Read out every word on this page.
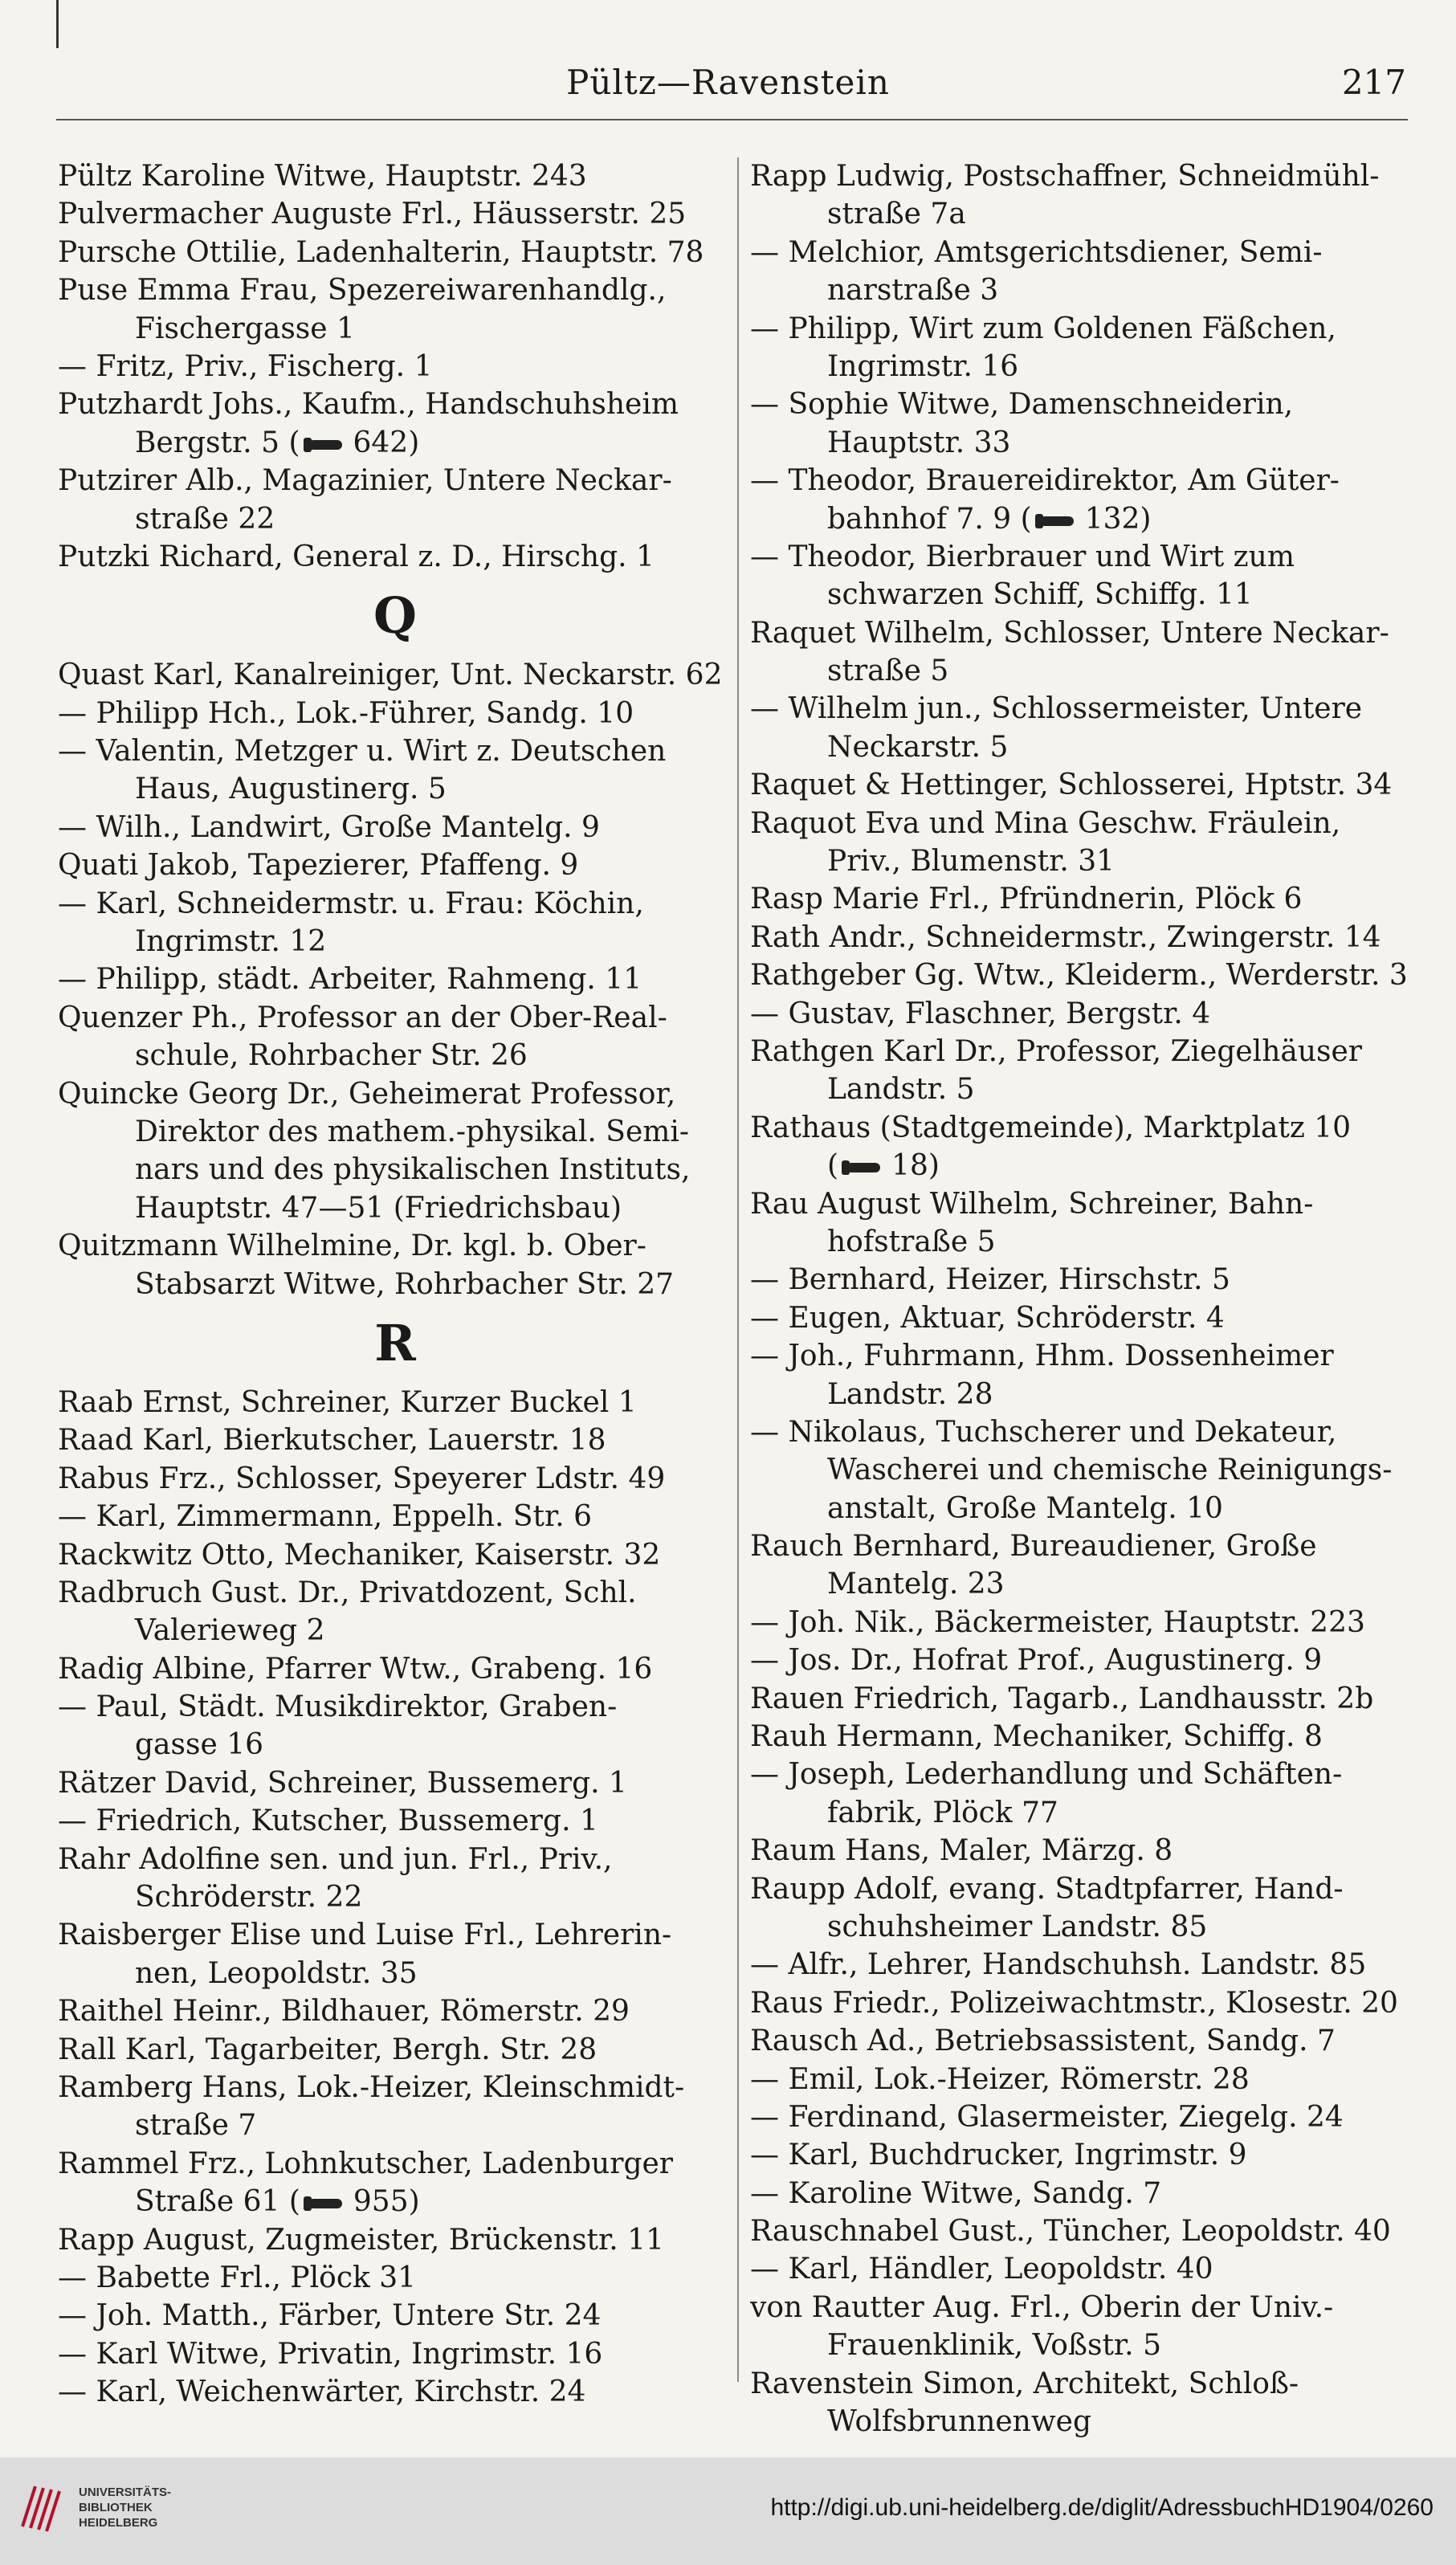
Pültz—Ravenstein	217
Pültz Karoline Witwe, Hauptstr. 243
Pulvermacher Auguste Frl., Häusserstr. 25
Pursche Ottilie, Ladenhalterin, Hauptstr. 78
Puse Emma Frau, Spezereiwarenhandlg.,
Fischergasse 1
— Fritz, Priv., Fischerg. 1
Putzhardt Johs., Kaufm., Handschuhsheim
Bergstr. 5 ( 642)
Putzirer Alb., Magazinier, Untere Neckar-
straße 22
Putzki Richard, General z. D., Hirschg. 1
Q
Quast Karl, Kanalreiniger, Unt. Neckarstr. 62
— Philipp Hch., Lok.-Führer, Sandg. 10
— Valentin, Metzger u. Wirt z. Deutschen
Haus, Augustinerg. 5
— Wilh., Landwirt, Große Mantelg. 9
Quati Jakob, Tapezierer, Pfaffeng. 9
— Karl, Schneidermstr. u. Frau: Köchin,
Ingrimstr. 12
— Philipp, städt. Arbeiter, Rahmeng. 11
Quenzer Ph., Professor an der Ober-Real-
schule, Rohrbacher Str. 26
Quincke Georg Dr., Geheimerat Professor,
Direktor des mathem.-physikal. Semi-
nars und des physikalischen Instituts,
Hauptstr. 47—51 (Friedrichsbau)
Quitzmann Wilhelmine, Dr. kgl. b. Ober-
Stabsarzt Witwe, Rohrbacher Str. 27
R
Raab Ernst, Schreiner, Kurzer Buckel 1
Raad Karl, Bierkutscher, Lauerstr. 18
Rabus Frz., Schlosser, Speyerer Ldstr. 49
— Karl, Zimmermann, Eppelh. Str. 6
Rackwitz Otto, Mechaniker, Kaiserstr. 32
Radbruch Gust. Dr., Privatdozent, Schl.
Valerieweg 2
Radig Albine, Pfarrer Wtw., Grabeng. 16
— Paul, Städt. Musikdirektor, Graben-
gasse 16
Rätzer David, Schreiner, Bussemerg. 1
— Friedrich, Kutscher, Bussemerg. 1
Rahr Adolfine sen. und jun. Frl., Priv.,
Schröderstr. 22
Raisberger Elise und Luise Frl., Lehrerin-
nen, Leopoldstr. 35
Raithel Heinr., Bildhauer, Römerstr. 29
Rall Karl, Tagarbeiter, Bergh. Str. 28
Ramberg Hans, Lok.-Heizer, Kleinschmidt-
straße 7
Rammel Frz., Lohnkutscher, Ladenburger
Straße 61 ( 955)
Rapp August, Zugmeister, Brückenstr. 11
— Babette Frl., Plöck 31
— Joh. Matth., Färber, Untere Str. 24
— Karl Witwe, Privatin, Ingrimstr. 16
— Karl, Weichenwärter, Kirchstr. 24
Rapp Ludwig, Postschaffner, Schneidmühl-
straße 7a
— Melchior, Amtsgerichtsdiener, Semi-
narstraße 3
— Philipp, Wirt zum Goldenen Fäßchen,
Ingrimstr. 16
— Sophie Witwe, Damenschneiderin,
Hauptstr. 33
— Theodor, Brauereidirektor, Am Güter-
bahnhof 7. 9 ( 132)
— Theodor, Bierbrauer und Wirt zum
schwarzen Schiff, Schiffg. 11
Raquet Wilhelm, Schlosser, Untere Neckar-
straße 5
— Wilhelm jun., Schlossermeister, Untere
Neckarstr. 5
Raquet & Hettinger, Schlosserei, Hptstr. 34
Raquot Eva und Mina Geschw. Fräulein,
Priv., Blumenstr. 31
Rasp Marie Frl., Pfründnerin, Plöck 6
Rath Andr., Schneidermstr., Zwingerstr. 14
Rathgeber Gg. Wtw., Kleiderm., Werderstr. 3
— Gustav, Flaschner, Bergstr. 4
Rathgen Karl Dr., Professor, Ziegelhäuser
Landstr. 5
Rathaus (Stadtgemeinde), Marktplatz 10
( 18)
Rau August Wilhelm, Schreiner, Bahn-
hofstraße 5
— Bernhard, Heizer, Hirschstr. 5
— Eugen, Aktuar, Schröderstr. 4
— Joh., Fuhrmann, Hhm. Dossenheimer
Landstr. 28
— Nikolaus, Tuchscherer und Dekateur,
Wascherei und chemische Reinigungs-
anstalt, Große Mantelg. 10
Rauch Bernhard, Bureaudiener, Große
Mantelg. 23
— Joh. Nik., Bäckermeister, Hauptstr. 223
— Jos. Dr., Hofrat Prof., Augustinerg. 9
Rauen Friedrich, Tagarb., Landhausstr. 2b
Rauh Hermann, Mechaniker, Schiffg. 8
— Joseph, Lederhandlung und Schäften-
fabrik, Plöck 77
Raum Hans, Maler, Märzg. 8
Raupp Adolf, evang. Stadtpfarrer, Hand-
schuhsheimer Landstr. 85
— Alfr., Lehrer, Handschuhsh. Landstr. 85
Raus Friedr., Polizeiwachtmstr., Klosestr. 20
Rausch Ad., Betriebsassistent, Sandg. 7
— Emil, Lok.-Heizer, Römerstr. 28
— Ferdinand, Glasermeister, Ziegelg. 24
— Karl, Buchdrucker, Ingrimstr. 9
— Karoline Witwe, Sandg. 7
Rauschnabel Gust., Tüncher, Leopoldstr. 40
— Karl, Händler, Leopoldstr. 40
von Rautter Aug. Frl., Oberin der Univ.-
Frauenklinik, Voßstr. 5
Ravenstein Simon, Architekt, Schloß-
Wolfsbrunnenweg
UNIVERSITÄTS-
BIBLIOTHEK
HEIDELBERG
http://digi.ub.uni-heidelberg.de/diglit/AdressbuchHD1904/0260
